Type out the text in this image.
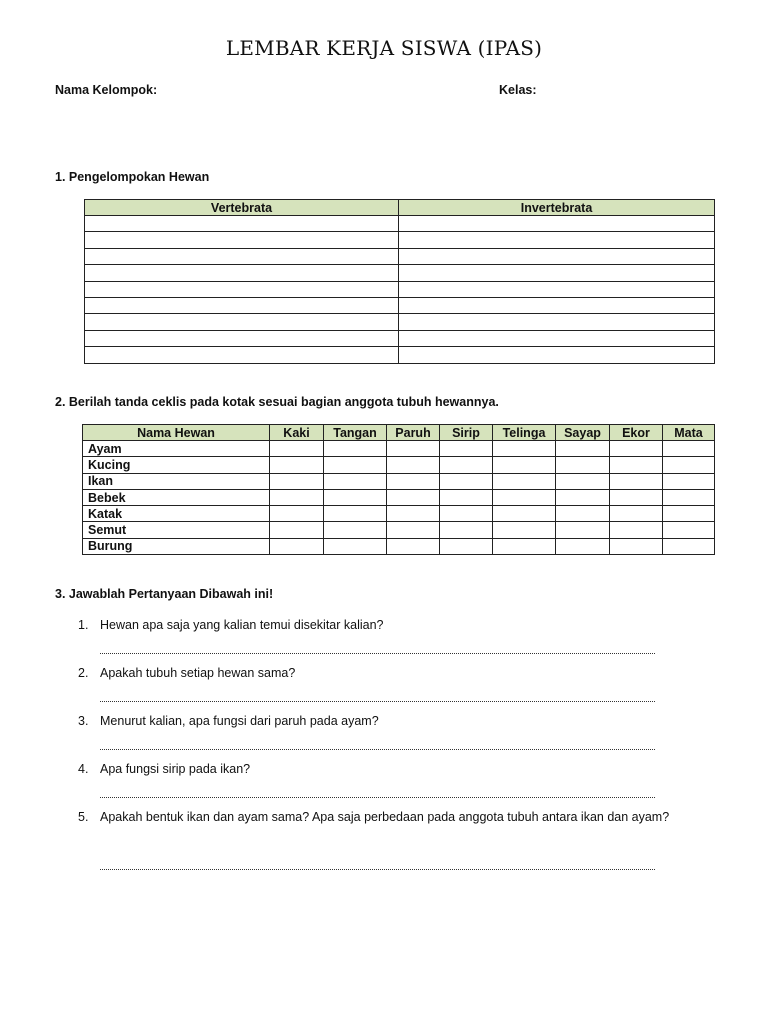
LEMBAR KERJA SISWA (IPAS)
Nama Kelompok:	Kelas:
1. Pengelompokan Hewan
Vertebrata	Invertebrata

2. Berilah tanda ceklis pada kotak sesuai bagian anggota tubuh hewannya.
Nama Hewan	Kaki	Tangan	Paruh	Sirip	Telinga	Sayap	Ekor	Mata
Ayam								
Kucing								
Ikan								
Bebek								
Katak								
Semut								
Burung								
3. Jawablah Pertanyaan Dibawah ini!
1. Hewan apa saja yang kalian temui disekitar kalian?
2. Apakah tubuh setiap hewan sama?
3. Menurut kalian, apa fungsi dari paruh pada ayam?
4. Apa fungsi sirip pada ikan?
5. Apakah bentuk ikan dan ayam sama? Apa saja perbedaan pada anggota tubuh antara ikan dan ayam?
